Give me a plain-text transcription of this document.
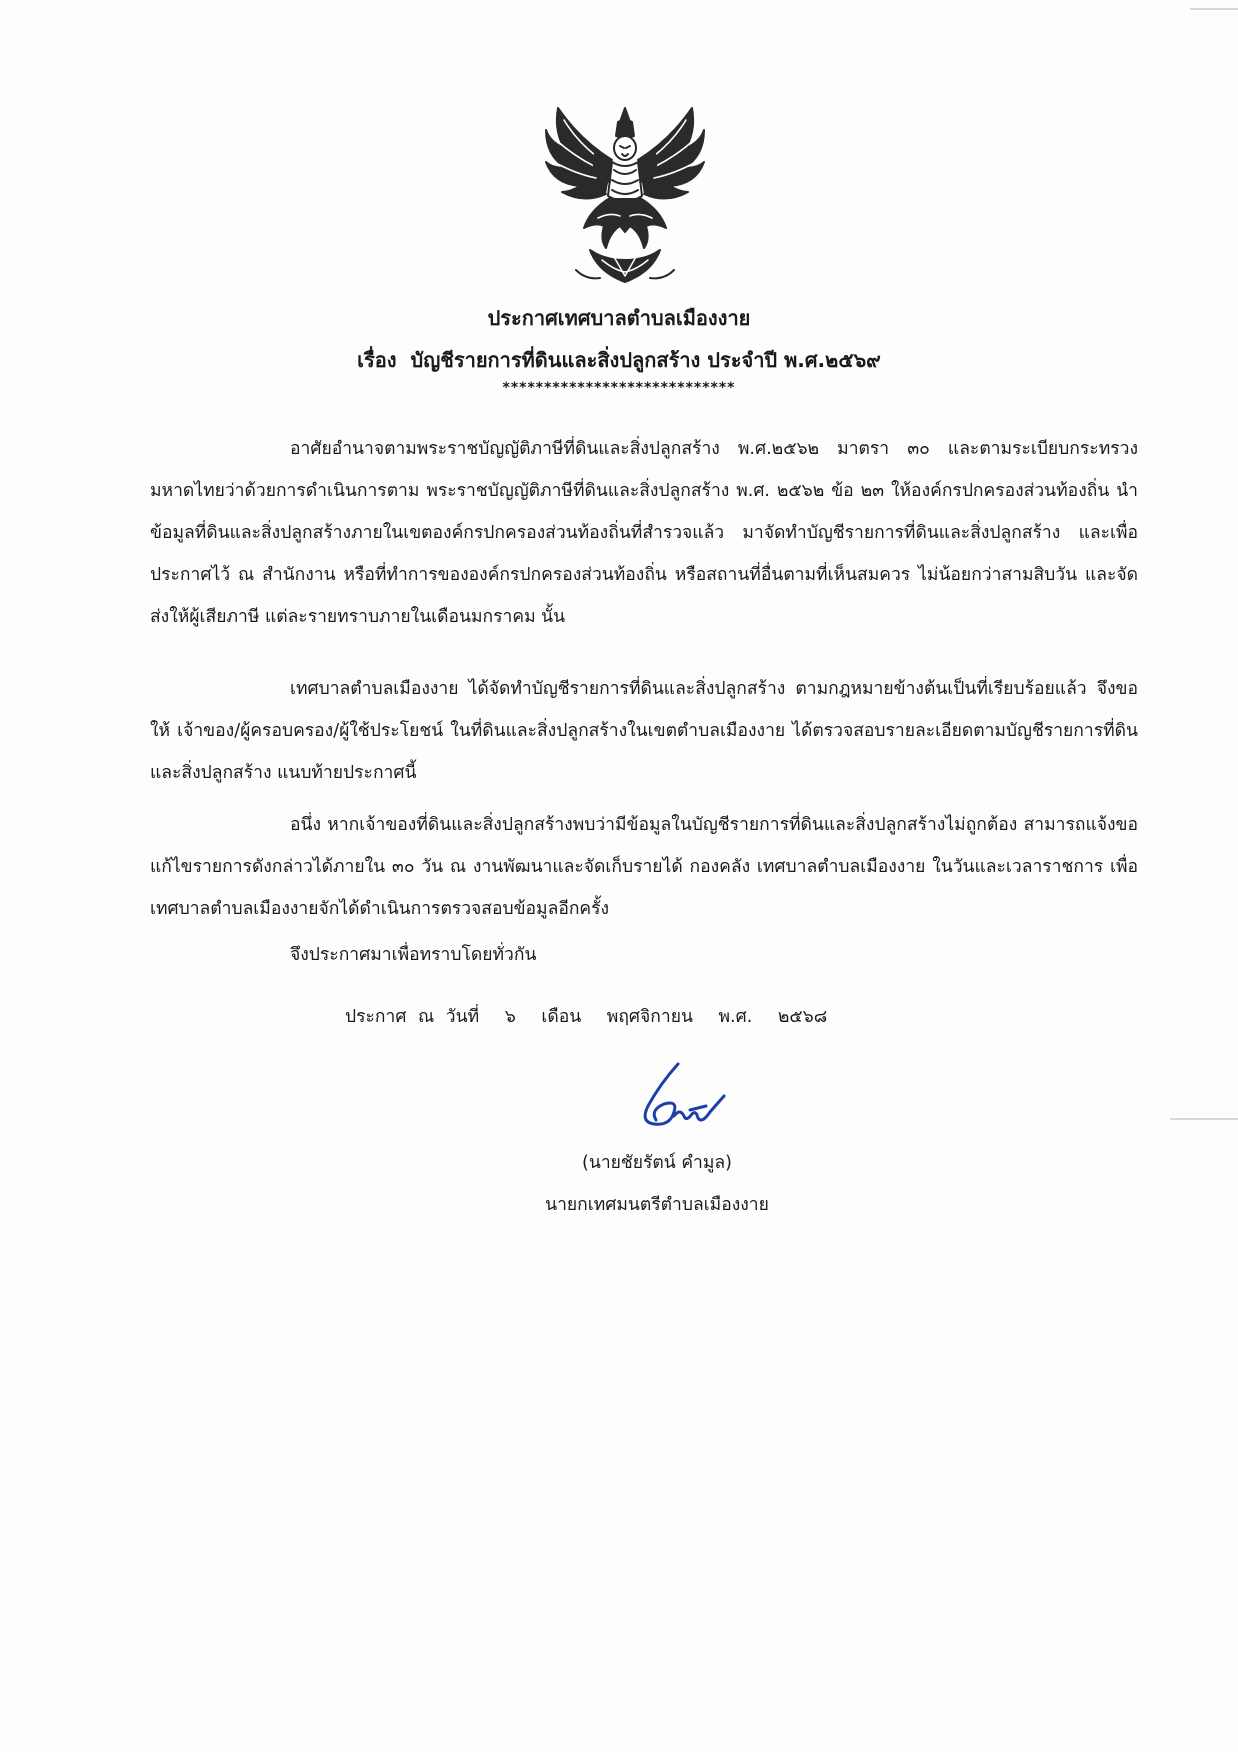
ประกาศเทศบาลตำบลเมืองงาย
เรื่อง บัญชีรายการที่ดินและสิ่งปลูกสร้าง ประจำปี พ.ศ.๒๕๖๙
****************************

อาศัยอำนาจตามพระราชบัญญัติภาษีที่ดินและสิ่งปลูกสร้าง พ.ศ.๒๕๖๒ มาตรา ๓๐ และตามระเบียบกระทรวงมหาดไทยว่าด้วยการดำเนินการตาม พระราชบัญญัติภาษีที่ดินและสิ่งปลูกสร้าง พ.ศ. ๒๕๖๒ ข้อ ๒๓ ให้องค์กรปกครองส่วนท้องถิ่น นำข้อมูลที่ดินและสิ่งปลูกสร้างภายในเขตองค์กรปกครองส่วนท้องถิ่นที่สำรวจแล้ว มาจัดทำบัญชีรายการที่ดินและสิ่งปลูกสร้าง และเพื่อประกาศไว้ ณ สำนักงาน หรือที่ทำการขององค์กรปกครองส่วนท้องถิ่น หรือสถานที่อื่นตามที่เห็นสมควร ไม่น้อยกว่าสามสิบวัน และจัดส่งให้ผู้เสียภาษี แต่ละรายทราบภายในเดือนมกราคม นั้น

เทศบาลตำบลเมืองงาย ได้จัดทำบัญชีรายการที่ดินและสิ่งปลูกสร้าง ตามกฎหมายข้างต้นเป็นที่เรียบร้อยแล้ว จึงขอให้ เจ้าของ/ผู้ครอบครอง/ผู้ใช้ประโยชน์ ในที่ดินและสิ่งปลูกสร้างในเขตตำบลเมืองงาย ได้ตรวจสอบรายละเอียดตามบัญชีรายการที่ดินและสิ่งปลูกสร้าง แนบท้ายประกาศนี้

อนึ่ง หากเจ้าของที่ดินและสิ่งปลูกสร้างพบว่ามีข้อมูลในบัญชีรายการที่ดินและสิ่งปลูกสร้างไม่ถูกต้อง สามารถแจ้งขอแก้ไขรายการดังกล่าวได้ภายใน ๓๐ วัน ณ งานพัฒนาและจัดเก็บรายได้ กองคลัง เทศบาลตำบลเมืองงาย ในวันและเวลาราชการ เพื่อเทศบาลตำบลเมืองงายจักได้ดำเนินการตรวจสอบข้อมูลอีกครั้ง

จึงประกาศมาเพื่อทราบโดยทั่วกัน
ประกาศ ณ วันที่ ๖ เดือน พฤศจิกายน พ.ศ. ๒๕๖๘
(นายชัยรัตน์ คำมูล)
นายกเทศมนตรีตำบลเมืองงาย
